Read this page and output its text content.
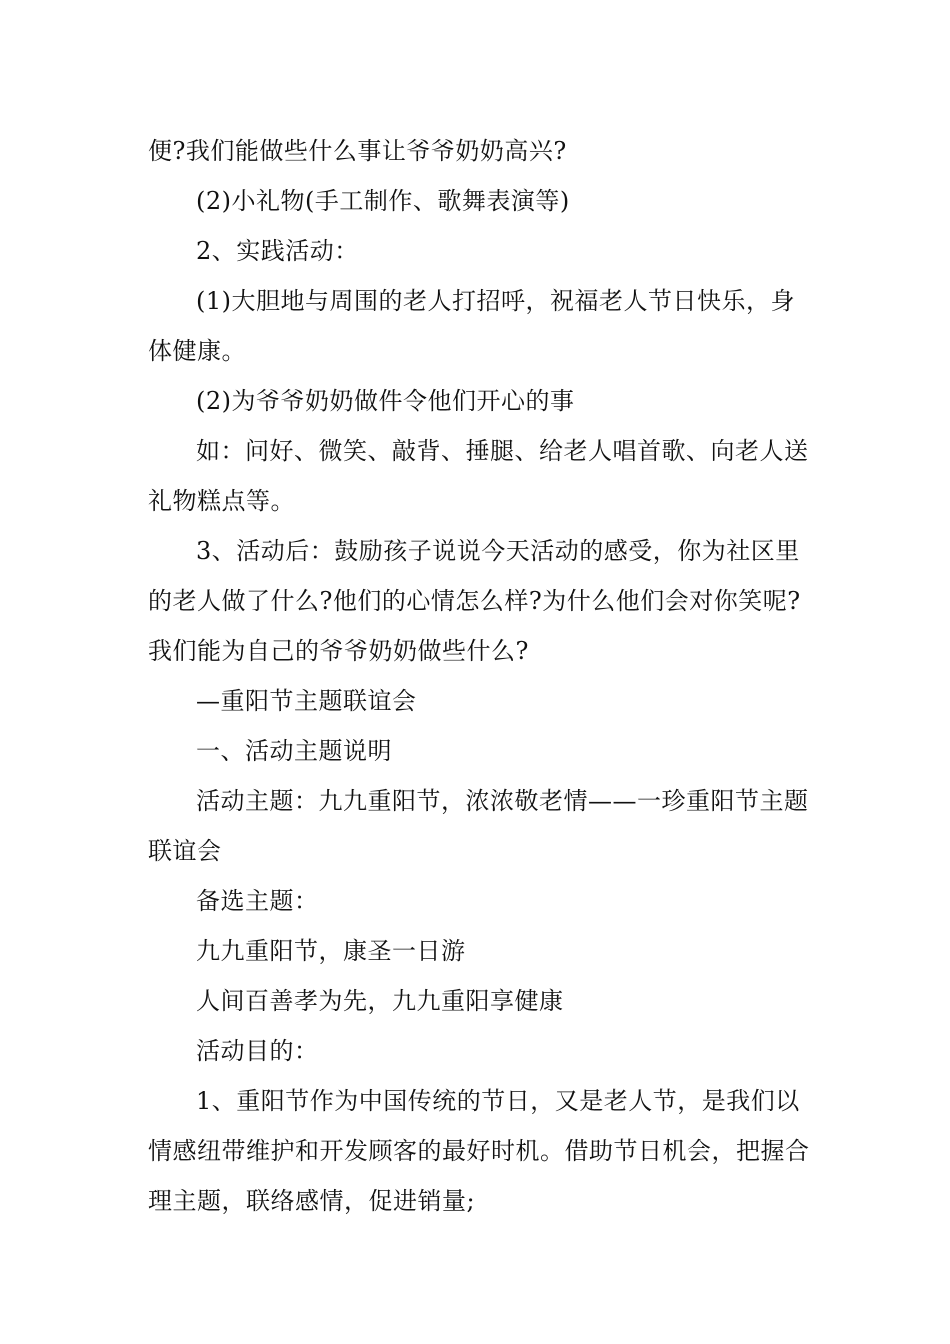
便?我们能做些什么事让爷爷奶奶高兴?

(2)小礼物(手工制作、歌舞表演等)

2、实践活动：

(1)大胆地与周围的老人打招呼，祝福老人节日快乐，身体健康。

(2)为爷爷奶奶做件令他们开心的事

如：问好、微笑、敲背、捶腿、给老人唱首歌、向老人送礼物糕点等。

3、活动后：鼓励孩子说说今天活动的感受，你为社区里的老人做了什么?他们的心情怎么样?为什么他们会对你笑呢?我们能为自己的爷爷奶奶做些什么?

—重阳节主题联谊会

一、活动主题说明

活动主题：九九重阳节，浓浓敬老情——一珍重阳节主题联谊会

备选主题：

九九重阳节，康圣一日游

人间百善孝为先，九九重阳享健康

活动目的：

1、重阳节作为中国传统的节日，又是老人节，是我们以情感纽带维护和开发顾客的最好时机。借助节日机会，把握合理主题，联络感情，促进销量;
